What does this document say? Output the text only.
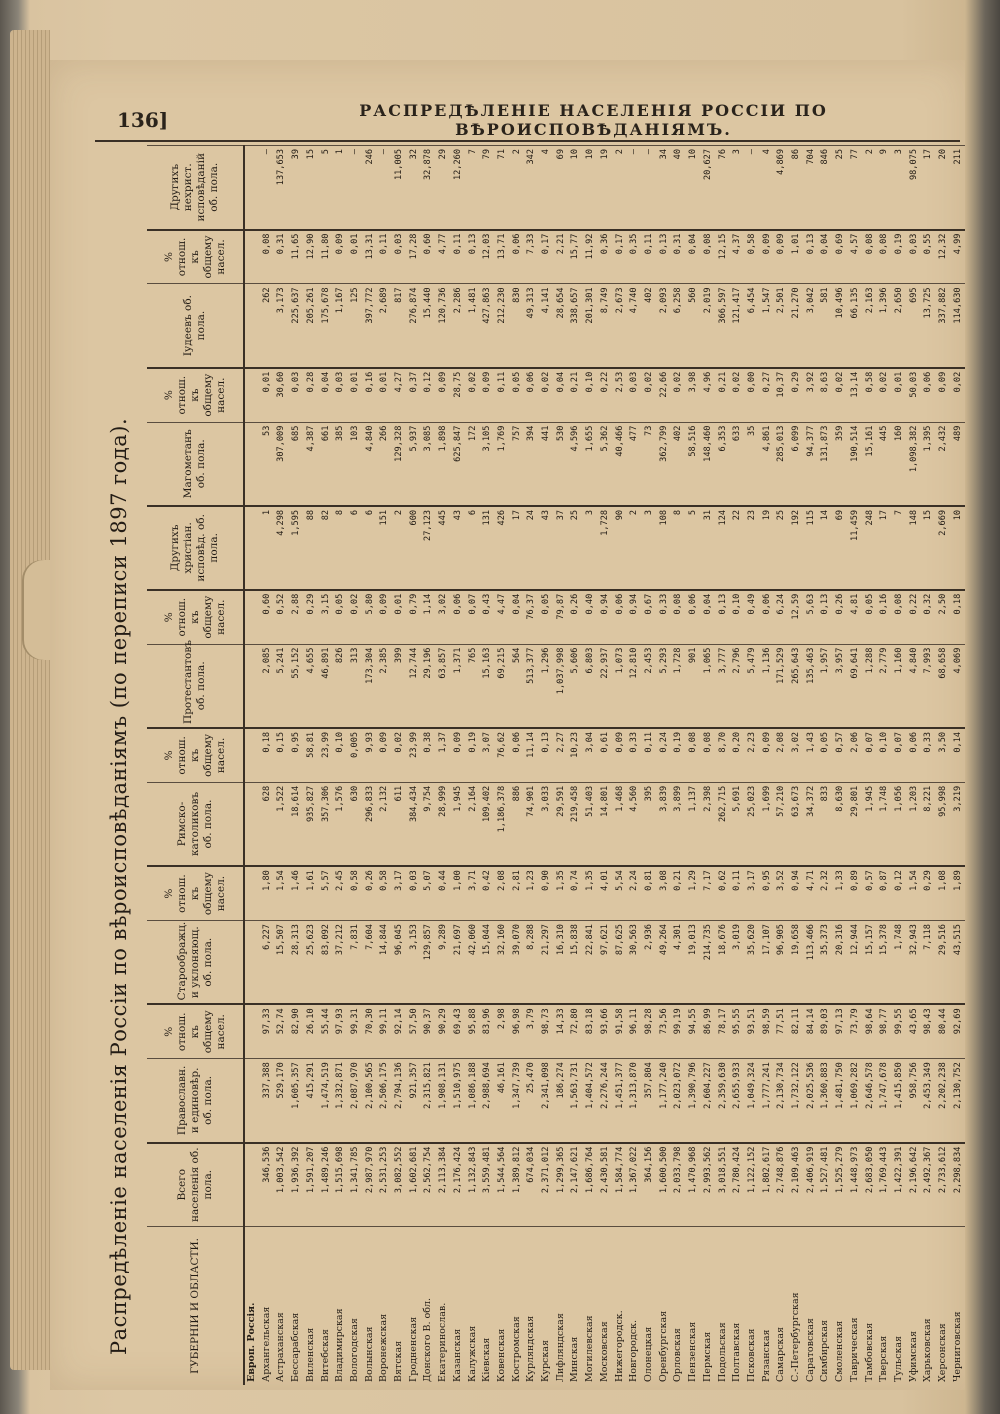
136]	РАСПРЕДѢЛЕНІЕ НАСЕЛЕНІЯ РОССІИ ПО ВѢРОИСПОВѢДАНІЯМЪ.
Распредѣленіе населенія Россіи по вѣроисповѣданіямъ (по переписи 1897 года).	ГУБЕРНІИ И ОБЛАСТИ.	Всего населенія об. пола.	Православн. и единовѣр. об. пола.	% отнош. къ общему насел.	Староображц. и уклоняющ. об. пола.	% отнош. къ общему насел.	Римско-католиковъ об. пола.	% отнош. къ общему насел.	Протестантовъ об. пола.	% отнош. къ общему насел.	Другихъ христіан. исповѣд. об. пола.	Магометанъ об. пола.	% отнош. къ общему насел.	Іудеевъ об. пола.	% отнош. къ общему насел.	Другихъ нехрист. исповѣданій об. пола.
Европ. Россія.															
Архангельская	346,536	337,388	97,33	6,227	1,80	628	0,18	2,085	0,60	1	53	0,01	262	0,08	—
Астраханская	1,003,542	529,170	52,74	15,507	1,54	1,522	0,15	5,241	0,52	4,298	307,009	30,60	3,173	0,31	137,653
Бессарабская	1,936,392	1,605,357	82,90	28,313	1,46	18,614	0,95	55,152	2,88	1,595	685	0,03	225,637	11,65	39
Виленская	1,591,207	415,291	26,10	25,623	1,61	935,827	58,81	4,655	0,29	88	4,387	0,28	205,261	12,90	15
Витебская	1,489,246	1,474,519	55,44	83,092	5,57	357,306	23,99	46,891	3,15	82	661	0,04	175,678	11,80	5
Владимирская	1,515,698	1,332,871	97,93	37,212	2,45	1,576	0,10	826	0,05	8	385	0,03	1,167	0,09	1
Вологодская	1,341,785	2,087,970	99,31	7,831	0,58	630	0,005	313	0,02	6	103	0,01	125	0,01	—
Волынская	2,987,970	2,100,565	70,30	7,604	0,26	296,833	9,93	173,304	5,80	6	4,840	0,16	397,772	13,31	246
Воронежская	2,531,253	2,506,175	99,11	14,844	0,58	2,132	0,09	2,385	0,09	151	266	0,01	2,689	0,11	—
Вятская	3,082,552	2,794,136	92,14	96,045	3,17	611	0,02	399	0,01	2	129,328	4,27	817	0,03	11,005
Гродненская	1,602,681	921,357	57,50	3,153	0,03	384,434	23,99	12,744	0,79	600	5,937	0,37	276,874	17,28	32
Донского В. обл.	2,562,754	2,315,821	90,37	129,857	5,07	9,754	0,38	29,196	1,14	27,123	3,085	0,12	15,440	0,60	32,878
Екатеринослав.	2,113,384	1,908,131	90,29	9,289	0,44	28,999	1,37	63,857	3,02	445	1,898	0,09	120,736	4,77	29
Казанская	2,176,424	1,510,975	69,43	21,697	1,00	1,945	0,09	1,371	0,06	43	625,847	28,75	2,286	0,11	12,260
Калужская	1,132,843	1,086,188	95,88	42,060	3,71	2,164	0,19	765	0,07	6	172	0,02	1,481	0,13	7
Кіевская	3,559,481	2,988,694	83,96	15,044	0,42	109,402	3,07	15,163	0,43	131	3,105	0,09	427,863	12,03	79
Ковенская	1,544,564	46,161	2,98	32,160	2,08	1,186,378	76,62	69,215	4,47	426	1,769	0,11	212,230	13,71	71
Костромская	1,389,812	1,347,739	96,98	39,070	2,81	886	0,06	564	0,04	17	757	0,05	830	0,06	2
Курляндская	674,034	25,470	3,79	8,288	1,23	74,901	11,14	513,377	76,37	24	394	0,06	49,313	7,33	342
Курская	2,371,012	2,341,098	98,73	21,297	0,90	3,033	0,13	1,296	0,05	43	441	0,02	4,141	0,17	4
Лифляндская	1,299,365	186,274	14,33	16,310	1,35	29,591	2,27	1,037,998	79,87	37	530	0,04	28,654	2,21	69
Минская	2,147,621	1,563,731	72,80	15,838	0,74	219,458	10,23	5,606	0,26	25	4,596	0,21	338,657	15,77	10
Могилевская	1,686,764	1,404,572	83,18	22,841	1,35	51,403	3,04	6,803	0,40	3	1,655	0,10	201,301	11,92	10
Московская	2,430,581	2,276,244	93,66	97,621	4,01	14,801	0,61	22,937	0,94	1,728	5,362	0,22	8,749	0,36	19
Нижегородск.	1,584,774	1,451,377	91,58	87,625	5,54	1,468	0,09	1,073	0,06	90	40,466	2,53	2,673	0,17	2
Новгородск.	1,367,022	1,313,870	96,11	30,563	2,24	4,560	0,33	12,810	0,94	2	477	0,03	4,740	0,35	—
Олонецкая	364,156	357,804	98,28	2,936	0,81	395	0,11	2,453	0,67	3	73	0,02	402	0,11	—
Оренбургская	1,600,500	1,177,240	73,56	49,264	3,08	3,839	0,24	5,293	0,33	108	362,799	22,66	2,093	0,13	34
Орловская	2,033,798	2,023,072	99,19	4,301	0,21	3,899	0,19	1,728	0,08	8	402	0,02	6,258	0,31	40
Пензенская	1,470,968	1,390,796	94,55	19,013	1,29	1,137	0,08	901	0,06	5	58,516	3,98	560	0,04	10
Пермская	2,993,562	2,604,227	86,99	214,735	7,17	2,398	0,08	1,065	0,04	31	148,460	4,96	2,019	0,08	20,627
Подольская	3,018,551	2,359,630	78,17	18,676	0,62	262,715	8,70	3,777	0,13	124	6,353	0,21	366,597	12,15	76
Полтавская	2,780,424	2,655,933	95,55	3,019	0,11	5,691	0,20	2,796	0,10	22	633	0,02	121,417	4,37	3
Псковская	1,122,152	1,049,324	93,51	35,620	3,17	25,023	2,23	5,479	0,49	23	35	0,00	6,454	0,58	—
Рязанская	1,802,617	1,777,241	98,59	17,107	0,95	1,699	0,09	1,136	0,06	19	4,861	0,27	1,547	0,09	4
Самарская	2,748,876	2,130,734	77,51	96,905	3,52	57,210	2,08	171,529	6,24	25	285,013	10,37	2,501	0,09	4,869
С.-Петербургская	2,109,463	1,732,122	82,11	19,658	0,94	63,673	3,02	265,643	12,59	192	6,099	0,29	21,270	1,01	86
Саратовская	2,406,919	2,025,536	84,14	113,466	4,71	34,372	1,43	135,463	5,63	115	94,377	3,92	3,042	0,13	704
Симбирская	1,527,481	1,360,883	89,03	35,373	2,32	833	0,05	1,957	0,13	14	131,873	8,63	581	0,04	846
Смоленская	1,525,279	1,481,750	97,13	20,316	1,33	8,630	0,57	3,957	0,26	69	359	0,02	10,496	0,69	25
Таврическая	1,448,973	1,069,282	73,79	12,944	0,89	29,801	2,06	69,641	4,81	11,459	190,514	13,14	66,135	4,57	77
Тамбовская	2,683,050	2,646,578	98,64	15,157	0,57	1,945	0,07	1,288	0,05	248	15,161	0,58	2,163	0,08	2
Тверская	1,769,443	1,747,678	98,77	15,378	0,87	1,748	0,10	2,779	0,16	17	445	0,02	1,396	0,08	9
Тульская	1,422,391	1,415,850	99,55	1,748	0,12	1,056	0,07	1,160	0,08	7	160	0,01	2,650	0,19	3
Уфимская	2,196,642	958,756	43,65	32,943	1,54	1,203	0,06	4,840	0,22	148	1,098,382	50,03	695	0,03	98,075
Харьковская	2,492,367	2,453,349	98,43	7,118	0,29	8,221	0,33	7,993	0,32	15	1,395	0,06	13,725	0,55	17
Херсонская	2,733,612	2,202,238	80,44	29,516	1,08	95,998	3,50	68,658	2,50	2,669	2,432	0,09	337,882	12,32	20
Черниговская	2,298,834	2,130,752	92,69	43,515	1,89	3,219	0,14	4,069	0,18	10	489	0,02	114,630	4,99	211
